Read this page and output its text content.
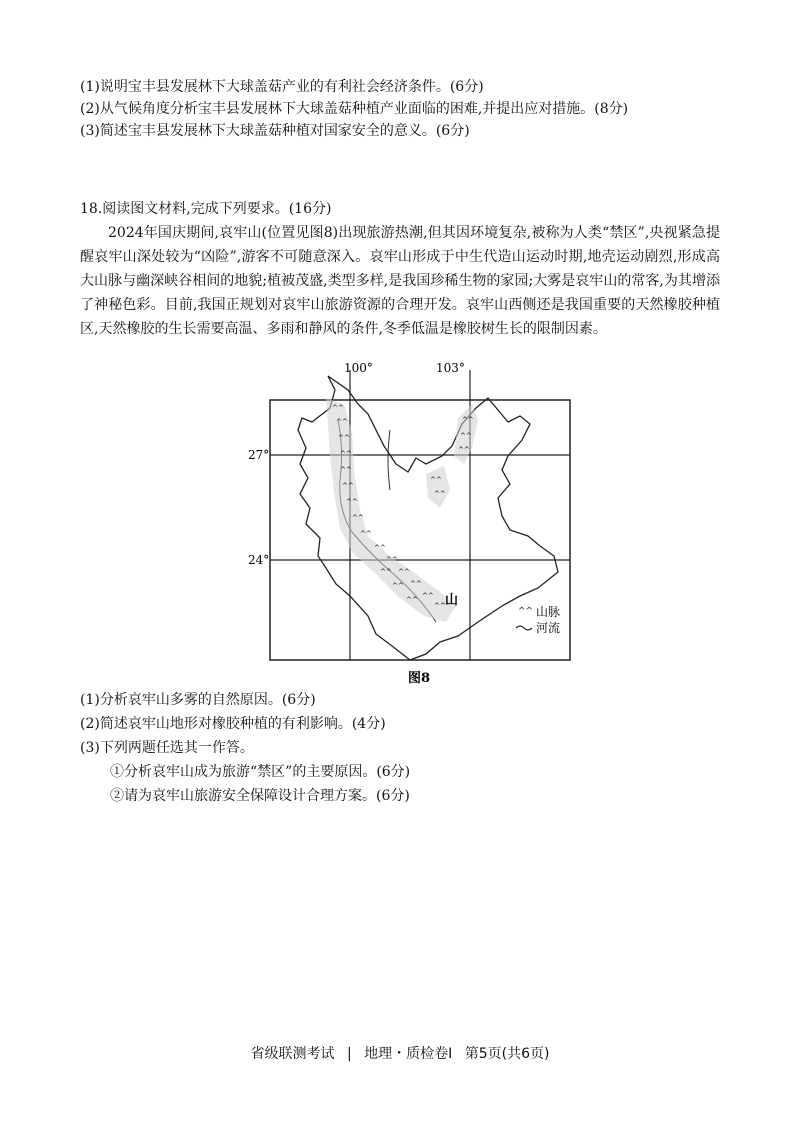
(1)说明宝丰县发展林下大球盖菇产业的有利社会经济条件。(6分)
(2)从气候角度分析宝丰县发展林下大球盖菇种植产业面临的困难,并提出应对措施。(8分)
(3)简述宝丰县发展林下大球盖菇种植对国家安全的意义。(6分)
18.阅读图文材料,完成下列要求。(16分)
2024年国庆期间,哀牢山(位置见图8)出现旅游热潮,但其因环境复杂,被称为人类“禁区”,央视紧急提醒哀牢山深处较为“凶险”,游客不可随意深入。哀牢山形成于中生代造山运动时期,地壳运动剧烈,形成高大山脉与幽深峡谷相间的地貌;植被茂盛,类型多样,是我国珍稀生物的家园;大雾是哀牢山的常客,为其增添了神秘色彩。目前,我国正规划对哀牢山旅游资源的合理开发。哀牢山西侧还是我国重要的天然橡胶种植区,天然橡胶的生长需要高温、多雨和静风的条件,冬季低温是橡胶树生长的限制因素。
^^
^^
^^
^^
^^
^^
^^
^^
^^
^^
^^
^^
^^
^^
^^
^^
^^
^^
^^
^^
^^
^^
^^
100°	103°
27°
24°
山
^^ 山脉
河流
图8
(1)分析哀牢山多雾的自然原因。(6分)
(2)简述哀牢山地形对橡胶种植的有利影响。(4分)
(3)下列两题任选其一作答。
①分析哀牢山成为旅游“禁区”的主要原因。(6分)
②请为哀牢山旅游安全保障设计合理方案。(6分)
省级联测考试 | 地理・质检卷Ⅰ 第5页(共6页)
